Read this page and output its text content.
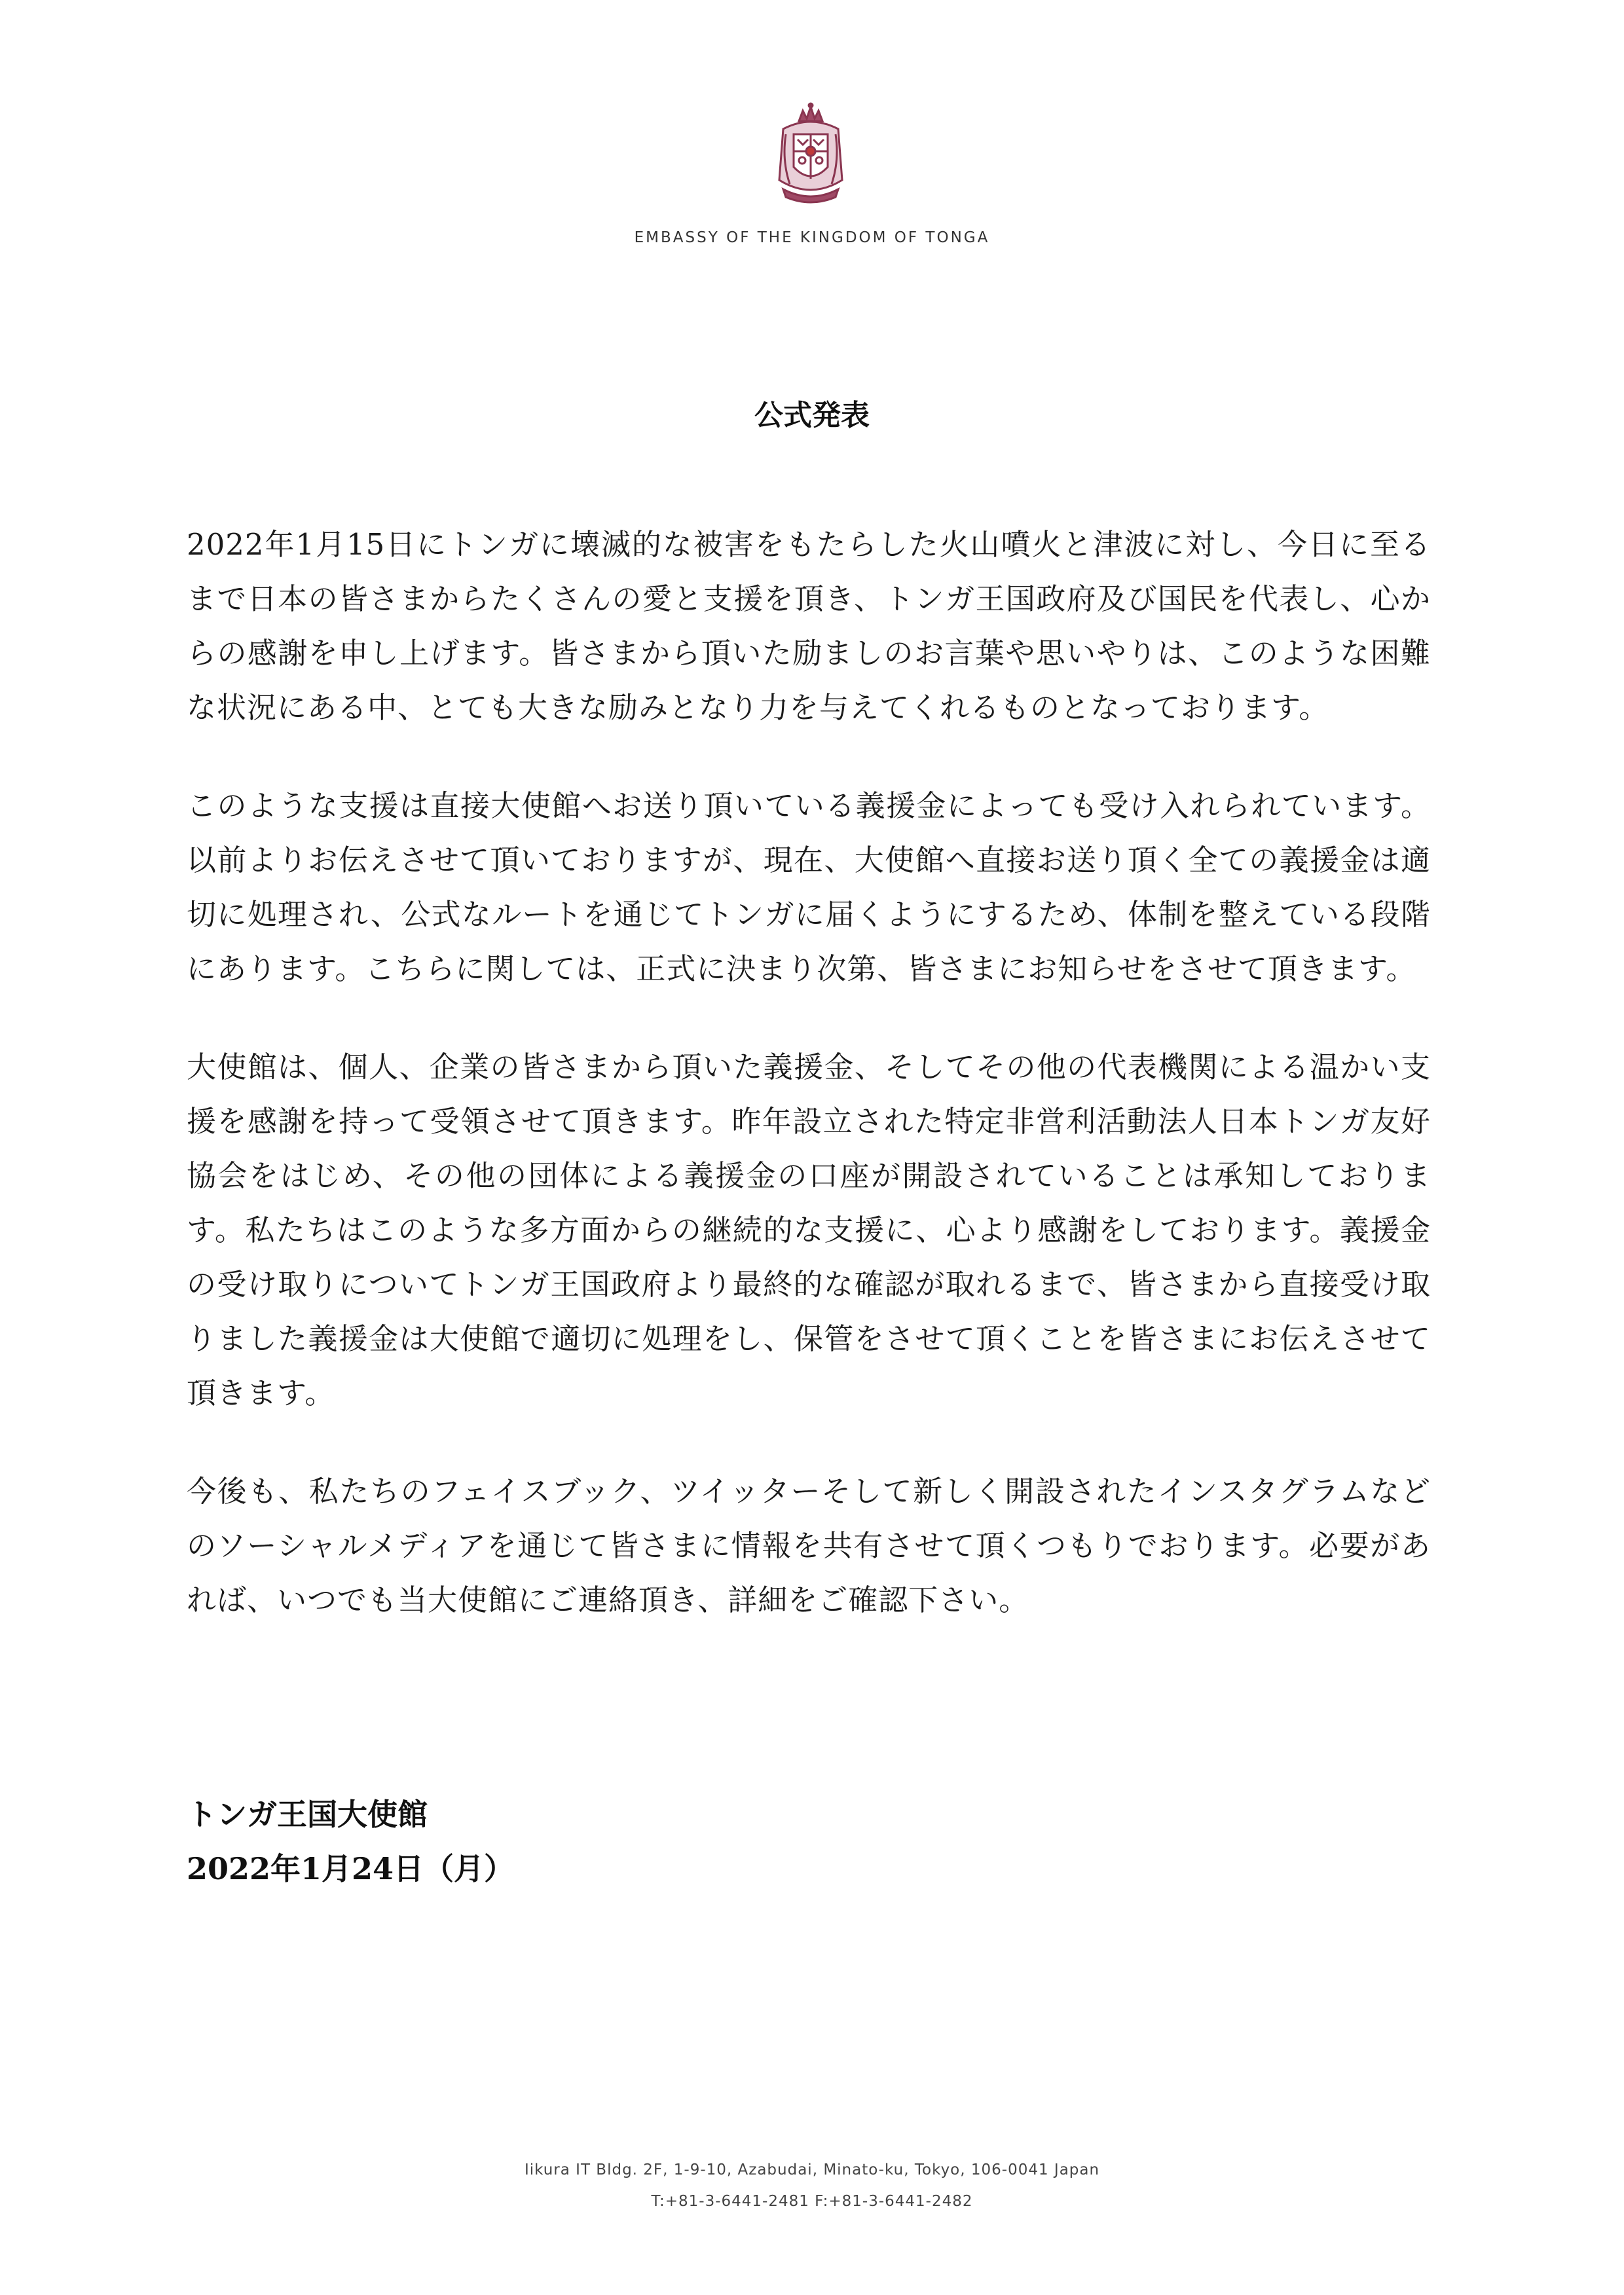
EMBASSY OF THE KINGDOM OF TONGA
公式発表

2022年1月15日にトンガに壊滅的な被害をもたらした火山噴火と津波に対し、今日に至るまで日本の皆さまからたくさんの愛と支援を頂き、トンガ王国政府及び国民を代表し、心からの感謝を申し上げます。皆さまから頂いた励ましのお言葉や思いやりは、このような困難な状況にある中、とても大きな励みとなり力を与えてくれるものとなっております。

このような支援は直接大使館へお送り頂いている義援金によっても受け入れられています。以前よりお伝えさせて頂いておりますが、現在、大使館へ直接お送り頂く全ての義援金は適切に処理され、公式なルートを通じてトンガに届くようにするため、体制を整えている段階にあります。こちらに関しては、正式に決まり次第、皆さまにお知らせをさせて頂きます。

大使館は、個人、企業の皆さまから頂いた義援金、そしてその他の代表機関による温かい支援を感謝を持って受領させて頂きます。昨年設立された特定非営利活動法人日本トンガ友好協会をはじめ、その他の団体による義援金の口座が開設されていることは承知しております。私たちはこのような多方面からの継続的な支援に、心より感謝をしております。義援金の受け取りについてトンガ王国政府より最終的な確認が取れるまで、皆さまから直接受け取りました義援金は大使館で適切に処理をし、保管をさせて頂くことを皆さまにお伝えさせて頂きます。

今後も、私たちのフェイスブック、ツイッターそして新しく開設されたインスタグラムなどのソーシャルメディアを通じて皆さまに情報を共有させて頂くつもりでおります。必要があれば、いつでも当大使館にご連絡頂き、詳細をご確認下さい。

トンガ王国大使館
2022年1月24日（月）
Iikura IT Bldg. 2F, 1-9-10, Azabudai, Minato-ku, Tokyo, 106-0041 Japan
T:+81-3-6441-2481 F:+81-3-6441-2482
